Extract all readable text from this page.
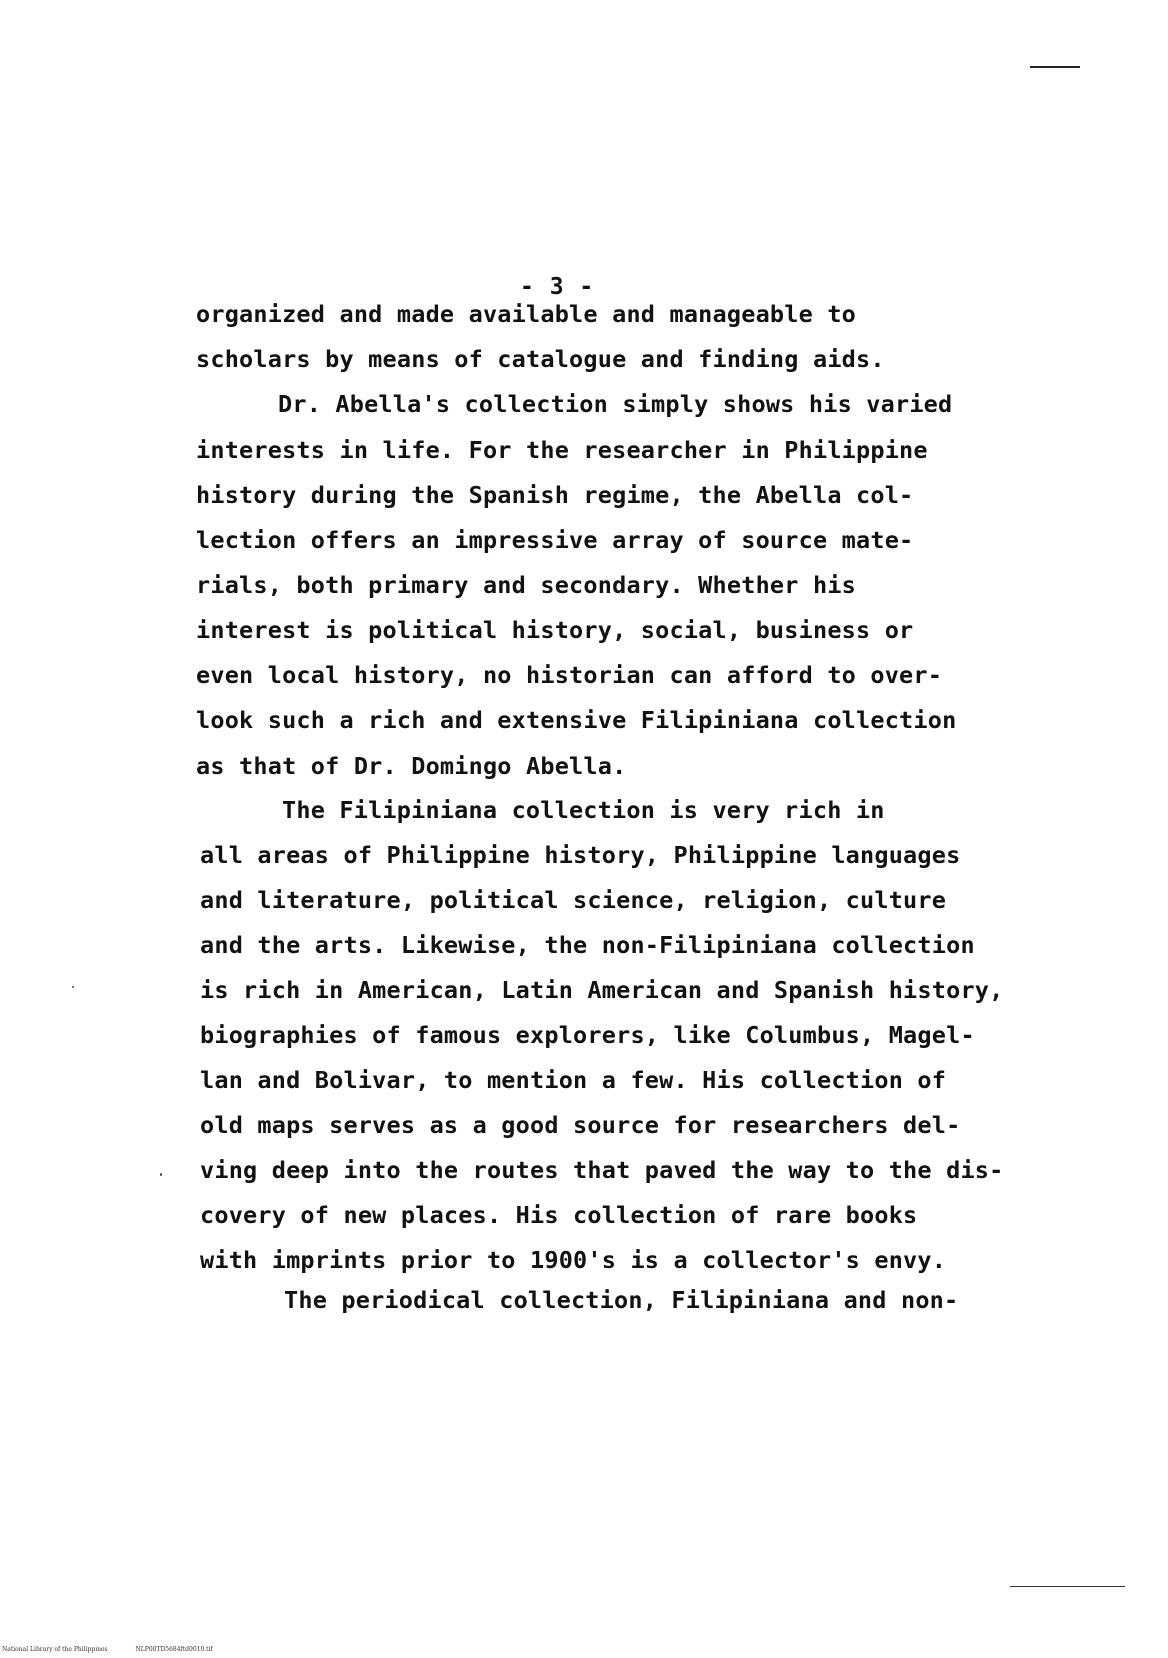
- 3 -
organized and made available and manageable to
scholars by means of catalogue and finding aids.
Dr. Abella's collection simply shows his varied
interests in life. For the researcher in Philippine
history during the Spanish regime, the Abella col-
lection offers an impressive array of source mate-
rials, both primary and secondary. Whether his
interest is political history, social, business or
even local history, no historian can afford to over-
look such a rich and extensive Filipiniana collection
as that of Dr. Domingo Abella.
The Filipiniana collection is very rich in
all areas of Philippine history, Philippine languages
and literature, political science, religion, culture
and the arts. Likewise, the non-Filipiniana collection
is rich in American, Latin American and Spanish history,
biographies of famous explorers, like Columbus, Magel-
lan and Bolivar, to mention a few. His collection of
old maps serves as a good source for researchers del-
ving deep into the routes that paved the way to the dis-
covery of new places. His collection of rare books
with imprints prior to 1900's is a collector's envy.
The periodical collection, Filipiniana and non-
National Library of the Philippines	NLP00TD5684ftd0010.tif
